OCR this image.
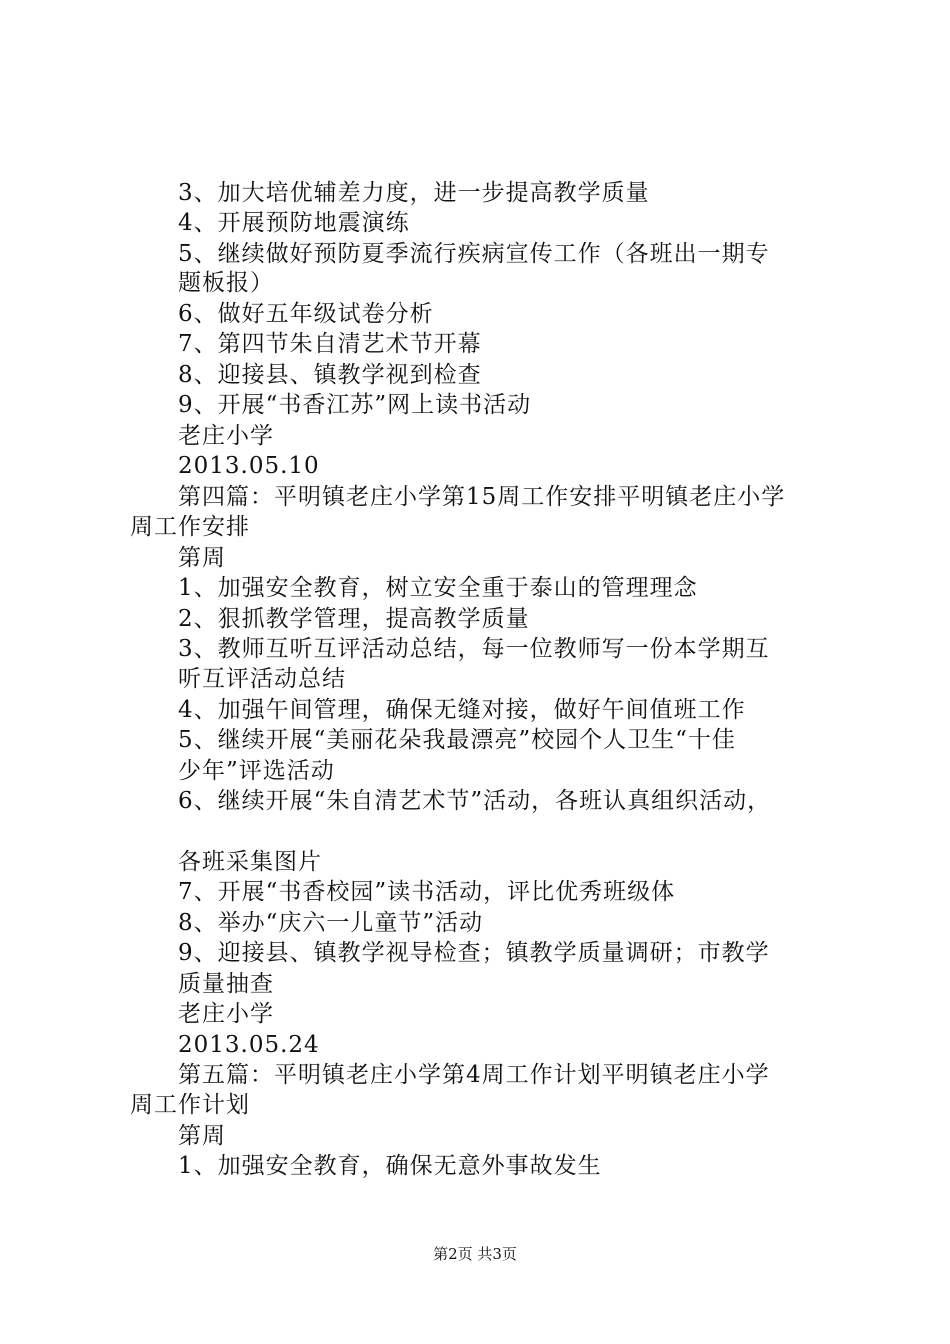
3、加大培优辅差力度，进一步提高教学质量
4、开展预防地震演练
5、继续做好预防夏季流行疾病宣传工作（各班出一期专
题板报）
6、做好五年级试卷分析
7、第四节朱自清艺术节开幕
8、迎接县、镇教学视到检查
9、开展“书香江苏”网上读书活动
老庄小学
2013.05.10
第四篇：平明镇老庄小学第15周工作安排平明镇老庄小学
周工作安排
第周
1、加强安全教育，树立安全重于泰山的管理理念
2、狠抓教学管理，提高教学质量
3、教师互听互评活动总结，每一位教师写一份本学期互
听互评活动总结
4、加强午间管理，确保无缝对接，做好午间值班工作
5、继续开展“美丽花朵我最漂亮”校园个人卫生“十佳
少年”评选活动
6、继续开展“朱自清艺术节”活动，各班认真组织活动，
各班采集图片
7、开展“书香校园”读书活动，评比优秀班级体
8、举办“庆六一儿童节”活动
9、迎接县、镇教学视导检查；镇教学质量调研；市教学
质量抽查
老庄小学
2013.05.24
第五篇：平明镇老庄小学第4周工作计划平明镇老庄小学
周工作计划
第周
1、加强安全教育，确保无意外事故发生
第2页 共3页
